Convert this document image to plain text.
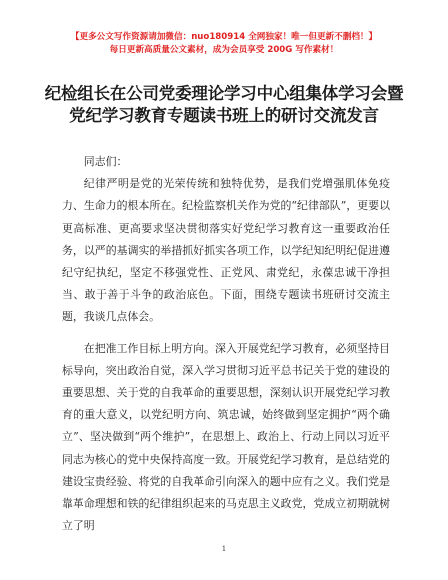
【更多公文写作资源请加微信：nuo180914 全网独家！唯一但更新不删档！】
每日更新高质量公文素材，成为会员享受 200G 写作素材！
纪检组长在公司党委理论学习中心组集体学习会暨党纪学习教育专题读书班上的研讨交流发言

同志们：

纪律严明是党的光荣传统和独特优势，是我们党增强肌体免疫力、生命力的根本所在。纪检监察机关作为党的“纪律部队”，更要以更高标准、更高要求坚决贯彻落实好党纪学习教育这一重要政治任务，以严的基调实的举措抓好抓实各项工作，以学纪知纪明纪促进遵纪守纪执纪，坚定不移强党性、正党风、肃党纪，永葆忠诚干净担当、敢于善于斗争的政治底色。下面，围绕专题读书班研讨交流主题，我谈几点体会。

在把准工作目标上明方向。深入开展党纪学习教育，必须坚持目标导向，突出政治自觉，深入学习贯彻习近平总书记关于党的建设的重要思想、关于党的自我革命的重要思想，深刻认识开展党纪学习教育的重大意义，以党纪明方向、筑忠诚，始终做到坚定拥护“两个确立”、坚决做到“两个维护”，在思想上、政治上、行动上同以习近平同志为核心的党中央保持高度一致。开展党纪学习教育，是总结党的建设宝贵经验、将党的自我革命引向深入的题中应有之义。我们党是靠革命理想和铁的纪律组织起来的马克思主义政党，党成立初期就树立了明

1
